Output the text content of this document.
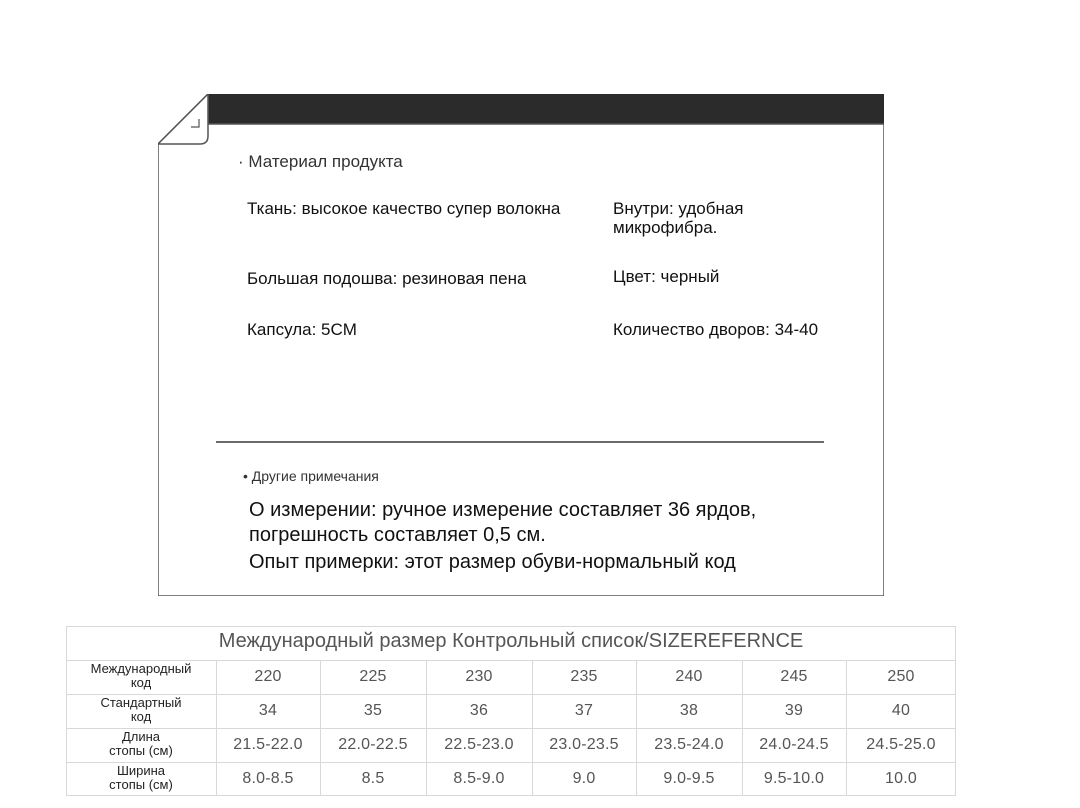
· Материал продукта
Ткань: высокое качество супер волокна	Внутри: удобная микрофибра.
Большая подошва: резиновая пена	Цвет: черный
Капсула: 5CM	Количество дворов: 34-40
• Другие примечания
О измерении: ручное измерение составляет 36 ярдов,
погрешность составляет 0,5 см.
Опыт примерки: этот размер обуви-нормальный код
Международный размер Контрольный список/SIZEREFERNCE
Международный
код	220	225	230	235	240	245	250
Стандартный
код	34	35	36	37	38	39	40
Длина
стопы (см)	21.5-22.0	22.0-22.5	22.5-23.0	23.0-23.5	23.5-24.0	24.0-24.5	24.5-25.0
Ширина
стопы (см)	8.0-8.5	8.5	8.5-9.0	9.0	9.0-9.5	9.5-10.0	10.0
